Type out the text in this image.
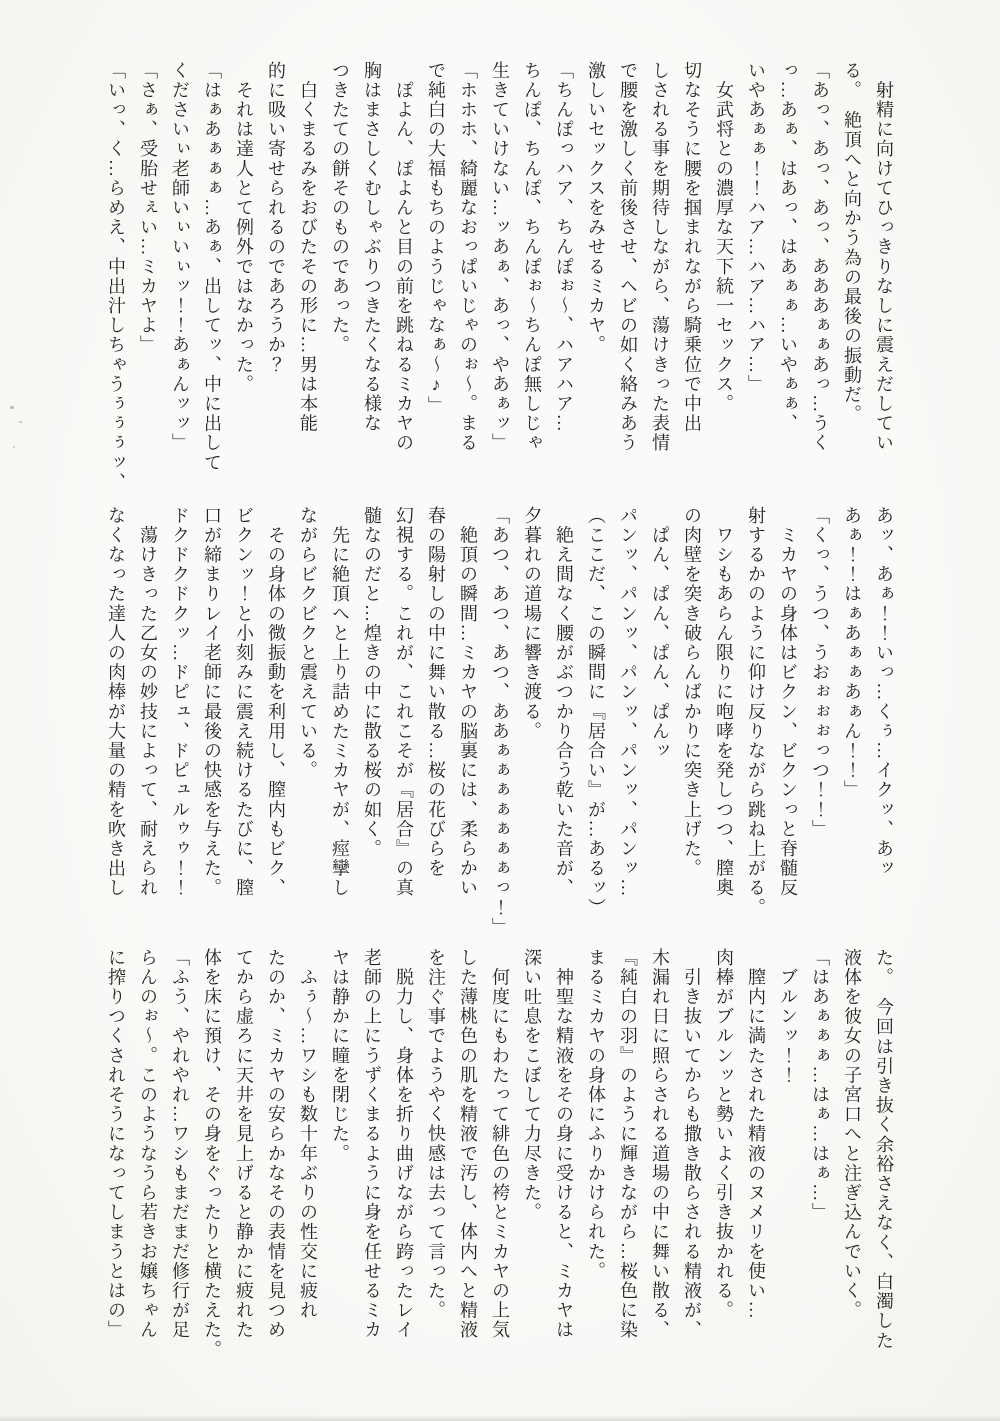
　射精に向けてひっきりなしに震えだしてい
る。　絶頂へと向かう為の最後の振動だ。
「あっ、あっ、あっ、あああぁぁあっ…うく
っ…あぁ、はあっ、はあぁぁ…いやぁぁ、
いやあぁぁ！！ハア…ハア…ハア…」
　女武将との濃厚な天下統一セックス。
切なそうに腰を掴まれながら騎乗位で中出
しされる事を期待しながら、蕩けきった表情
で腰を激しく前後させ、ヘビの如く絡みあう
激しいセックスをみせるミカヤ。
「ちんぽっハア、ちんぽぉ～、ハアハア…
ちんぽ、ちんぽ、ちんぽぉ～ちんぽ無しじゃ
生きていけない…ッあぁ、あっ、やあぁッ」
「ホホホ、綺麗なおっぱいじゃのぉ～。まる
で純白の大福もちのようじゃなぁ～♪」
　ぽよん、ぽよんと目の前を跳ねるミカヤの
胸はまさしくむしゃぶりつきたくなる様な
つきたての餅そのものであった。
　白くまるみをおびたその形に…男は本能
的に吸い寄せられるのであろうか？
　それは達人とて例外ではなかった。
「はぁあぁぁぁ…あぁ、出してッ、中に出して
くださいぃ老師いぃいぃッ！！あぁんッッ」
「さぁ、受胎せぇい…ミカヤよ」
「いっ、く…らめえ、中出汁しちゃうぅぅぅッ、
あッ、あぁ！！いっ…くぅ…イクッ、あッ
あぁ！！はぁあぁぁあぁん！！」
「くっ、うつ、うおぉぉぉっつ！！」
　ミカヤの身体はビクン、ビクンっと脊髄反
射するかのように仰け反りながら跳ね上がる。
　ワシもあらん限りに咆哮を発しつつ、膣奥
の肉壁を突き破らんばかりに突き上げた。
　ぱん、ぱん、ぱん、ぱんッ
パンッ、パンッ、パンッ、パンッ、パンッ…
（ここだ、この瞬間に『居合い』が…あるッ）
　絶え間なく腰がぶつかり合う乾いた音が、
夕暮れの道場に響き渡る。
「あつ、あつ、あつ、ああぁぁぁぁぁぁぁっ！」
　絶頂の瞬間…ミカヤの脳裏には、柔らかい
春の陽射しの中に舞い散る…桜の花びらを
幻視する。これが、これこそが『居合』の真
髄なのだと…煌きの中に散る桜の如く。
　先に絶頂へと上り詰めたミカヤが、痙攣し
ながらビクビクと震えている。
　その身体の微振動を利用し、膣内もビク、
ビクンッ！と小刻みに震え続けるたびに、膣
口が締まりレイ老師に最後の快感を与えた。
ドクドクドクッ…ドピュ、ドピュルゥゥ！！
　蕩けきった乙女の妙技によって、耐えられ
なくなった達人の肉棒が大量の精を吹き出し
た。　今回は引き抜く余裕さえなく、白濁した
液体を彼女の子宮口へと注ぎ込んでいく。
「はあぁぁぁ…はぁ…はぁ…」
　ブルンッ！！
　膣内に満たされた精液のヌメリを使い…
肉棒がブルンッと勢いよく引き抜かれる。
　引き抜いてからも撒き散らされる精液が、
木漏れ日に照らされる道場の中に舞い散る、
『純白の羽』のように輝きながら…桜色に染
まるミカヤの身体にふりかけられた。
　神聖な精液をその身に受けると、ミカヤは
深い吐息をこぼして力尽きた。
　何度にもわたって緋色の袴とミカヤの上気
した薄桃色の肌を精液で汚し、体内へと精液
を注ぐ事でようやく快感は去って言った。
　脱力し、身体を折り曲げながら跨ったレイ
老師の上にうずくまるように身を任せるミカ
ヤは静かに瞳を閉じた。
　ふぅ～…ワシも数十年ぶりの性交に疲れ
たのか、ミカヤの安らかなその表情を見つめ
てから虚ろに天井を見上げると静かに疲れた
体を床に預け、その身をぐったりと横たえた。
「ふう、やれやれ…ワシもまだまだ修行が足
らんのぉ～。このようなうら若きお嬢ちゃん
に搾りつくされそうになってしまうとはの」
